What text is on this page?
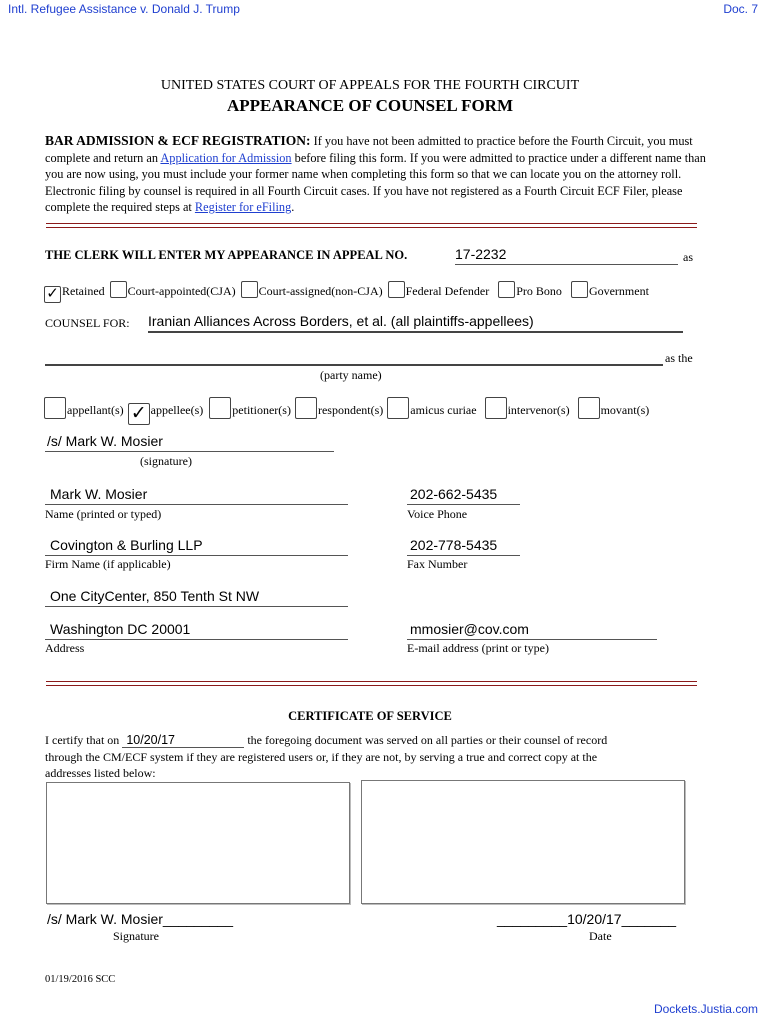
Intl. Refugee Assistance v. Donald J. Trump	Doc. 7
UNITED STATES COURT OF APPEALS FOR THE FOURTH CIRCUIT
APPEARANCE OF COUNSEL FORM
BAR ADMISSION & ECF REGISTRATION: If you have not been admitted to practice before the Fourth Circuit, you must complete and return an Application for Admission before filing this form. If you were admitted to practice under a different name than you are now using, you must include your former name when completing this form so that we can locate you on the attorney roll. Electronic filing by counsel is required in all Fourth Circuit cases. If you have not registered as a Fourth Circuit ECF Filer, please complete the required steps at Register for eFiling.
THE CLERK WILL ENTER MY APPEARANCE IN APPEAL NO.	17-2232	as
✓ Retained Court-appointed(CJA) Court-assigned(non-CJA) Federal Defender Pro Bono Government
COUNSEL FOR: Iranian Alliances Across Borders, et al. (all plaintiffs-appellees)
as the
(party name)
appellant(s) ✓ appellee(s) petitioner(s) respondent(s) amicus curiae	intervenor(s)	movant(s)
/s/ Mark W. Mosier
(signature)
Mark W. Mosier
Name (printed or typed)
202-662-5435
Voice Phone
Covington & Burling LLP
Firm Name (if applicable)
202-778-5435
Fax Number
One CityCenter, 850 Tenth St NW
Washington DC 20001
Address
mmosier@cov.com
E-mail address (print or type)
CERTIFICATE OF SERVICE
I certify that on 10/20/17	the foregoing document was served on all parties or their counsel of record
through the CM/ECF system if they are registered users or, if they are not, by serving a true and correct copy at the
addresses listed below:
/s/ Mark W. Mosier_________
Signature
_________10/20/17_______
Date
01/19/2016 SCC
Dockets.Justia.com
